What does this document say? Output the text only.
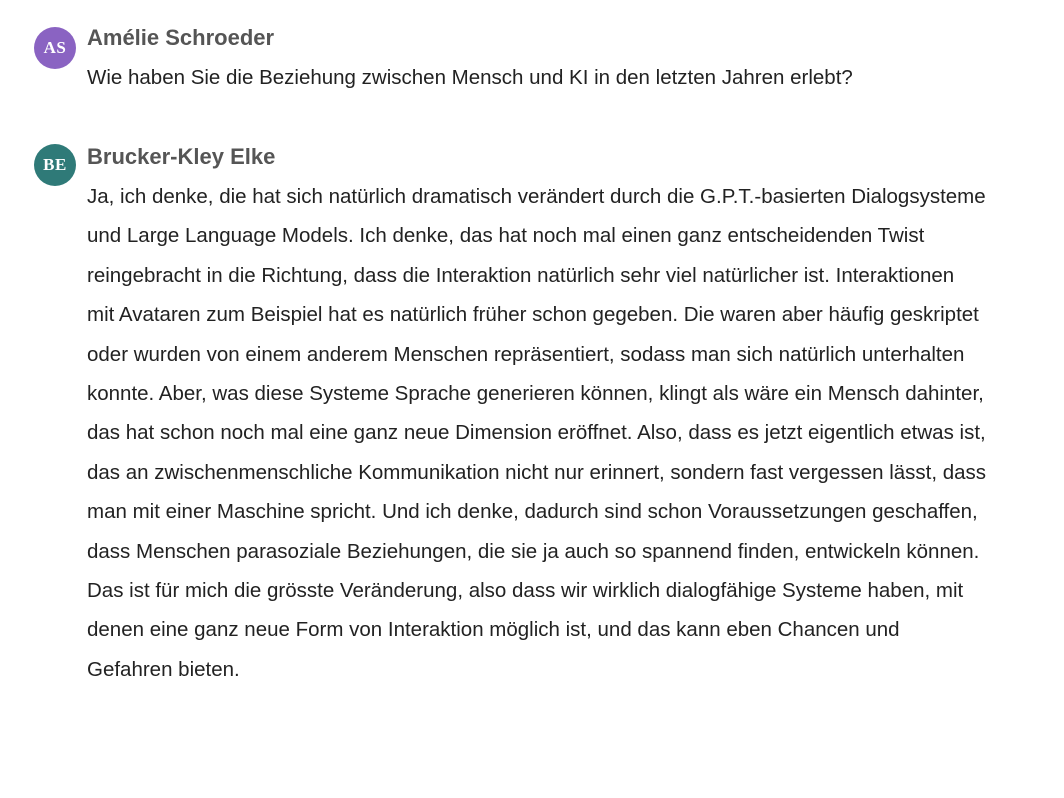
AS Amélie Schroeder
Wie haben Sie die Beziehung zwischen Mensch und KI in den letzten Jahren erlebt?
BE Brucker-Kley Elke
Ja, ich denke, die hat sich natürlich dramatisch verändert durch die G.P.T.-basierten Dialogsysteme und Large Language Models. Ich denke, das hat noch mal einen ganz entscheidenden Twist reingebracht in die Richtung, dass die Interaktion natürlich sehr viel natürlicher ist. Interaktionen mit Avataren zum Beispiel hat es natürlich früher schon gegeben. Die waren aber häufig geskriptet oder wurden von einem anderem Menschen repräsentiert, sodass man sich natürlich unterhalten konnte. Aber, was diese Systeme Sprache generieren können, klingt als wäre ein Mensch dahinter, das hat schon noch mal eine ganz neue Dimension eröffnet. Also, dass es jetzt eigentlich etwas ist, das an zwischenmenschliche Kommunikation nicht nur erinnert, sondern fast vergessen lässt, dass man mit einer Maschine spricht. Und ich denke, dadurch sind schon Voraussetzungen geschaffen, dass Menschen parasoziale Beziehungen, die sie ja auch so spannend finden, entwickeln können. Das ist für mich die grösste Veränderung, also dass wir wirklich dialogfähige Systeme haben, mit denen eine ganz neue Form von Interaktion möglich ist, und das kann eben Chancen und Gefahren bieten.
